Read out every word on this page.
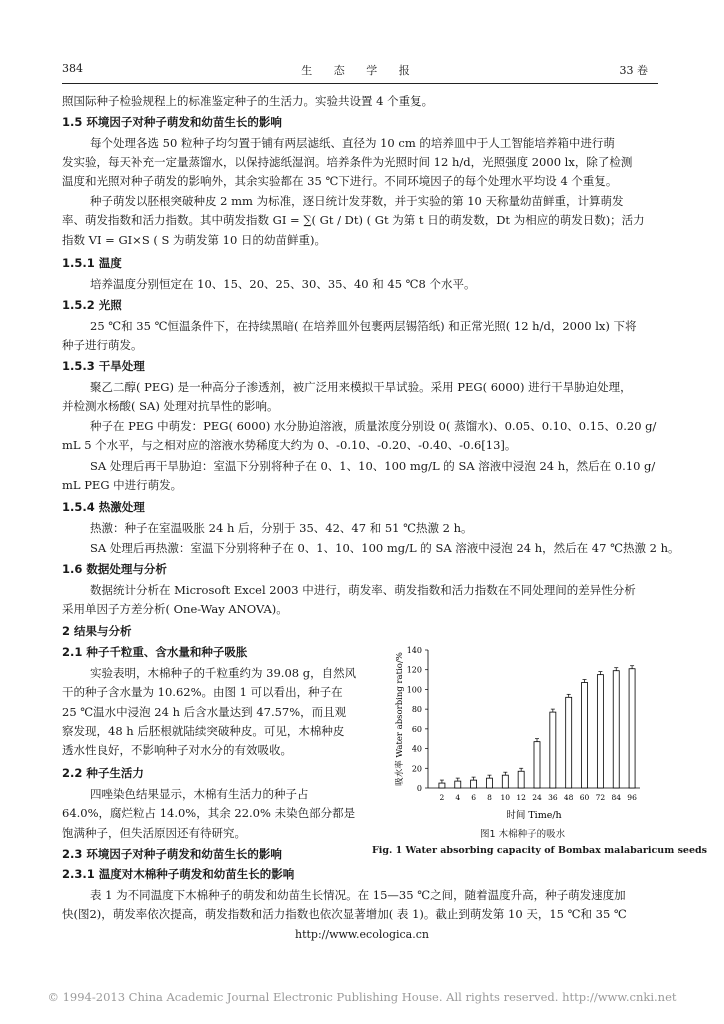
384	生 态 学 报	33 卷
照国际种子检验规程上的标准鉴定种子的生活力。实验共设置 4 个重复。
1.5 环境因子对种子萌发和幼苗生长的影响
每个处理各选 50 粒种子均匀置于铺有两层滤纸、直径为 10 cm 的培养皿中于人工智能培养箱中进行萌
发实验，每天补充一定量蒸馏水，以保持滤纸湿润。培养条件为光照时间 12 h/d，光照强度 2000 lx，除了检测
温度和光照对种子萌发的影响外，其余实验都在 35 ℃下进行。不同环境因子的每个处理水平均设 4 个重复。
种子萌发以胚根突破种皮 2 mm 为标准，逐日统计发芽数，并于实验的第 10 天称量幼苗鲜重，计算萌发
率、萌发指数和活力指数。其中萌发指数 GI = ∑( Gt / Dt) ( Gt 为第 t 日的萌发数，Dt 为相应的萌发日数)；活力
指数 VI = GI×S ( S 为萌发第 10 日的幼苗鲜重)。
1.5.1 温度
培养温度分别恒定在 10、15、20、25、30、35、40 和 45 ℃8 个水平。
1.5.2 光照
25 ℃和 35 ℃恒温条件下，在持续黑暗( 在培养皿外包裹两层锡箔纸) 和正常光照( 12 h/d，2000 lx) 下将
种子进行萌发。
1.5.3 干旱处理
聚乙二醇( PEG) 是一种高分子渗透剂，被广泛用来模拟干旱试验。采用 PEG( 6000) 进行干旱胁迫处理，
并检测水杨酸( SA) 处理对抗旱性的影响。
种子在 PEG 中萌发：PEG( 6000) 水分胁迫溶液，质量浓度分别设 0( 蒸馏水)、0.05、0.10、0.15、0.20 g/
mL 5 个水平，与之相对应的溶液水势稀度大约为 0、-0.10、-0.20、-0.40、-0.6[13]。
SA 处理后再干旱胁迫：室温下分别将种子在 0、1、10、100 mg/L 的 SA 溶液中浸泡 24 h，然后在 0.10 g/
mL PEG 中进行萌发。
1.5.4 热激处理
热激：种子在室温吸胀 24 h 后，分别于 35、42、47 和 51 ℃热激 2 h。
SA 处理后再热激：室温下分别将种子在 0、1、10、100 mg/L 的 SA 溶液中浸泡 24 h，然后在 47 ℃热激 2 h。
1.6 数据处理与分析
数据统计分析在 Microsoft Excel 2003 中进行，萌发率、萌发指数和活力指数在不同处理间的差异性分析
采用单因子方差分析( One-Way ANOVA)。
2 结果与分析
2.1 种子千粒重、含水量和种子吸胀
实验表明，木棉种子的千粒重约为 39.08 g，自然风
干的种子含水量为 10.62%。由图 1 可以看出，种子在
25 ℃温水中浸泡 24 h 后含水量达到 47.57%，而且观
察发现，48 h 后胚根就陆续突破种皮。可见，木棉种皮
透水性良好，不影响种子对水分的有效吸收。
2.2 种子生活力
四唑染色结果显示，木棉有生活力的种子占
64.0%，腐烂粒占 14.0%，其余 22.0% 未染色部分都是
饱满种子，但失活原因还有待研究。
2.3 环境因子对种子萌发和幼苗生长的影响
2.3.1 温度对木棉种子萌发和幼苗生长的影响
表 1 为不同温度下木棉种子的萌发和幼苗生长情况。在 15—35 ℃之间，随着温度升高，种子萌发速度加
快(图2)，萌发率依次提高，萌发指数和活力指数也依次显著增加( 表 1)。截止到萌发第 10 天，15 ℃和 35 ℃
0
20
40
60
80
100
120
140
2 4 6 8 10 12 24 36 48 60 72 84 96
时间 Time/h
吸水率 Water absorbing ratio/%
图1 木棉种子的吸水
Fig. 1 Water absorbing capacity of Bombax malabaricum seeds
http://www.ecologica.cn
© 1994-2013 China Academic Journal Electronic Publishing House. All rights reserved. http://www.cnki.net
